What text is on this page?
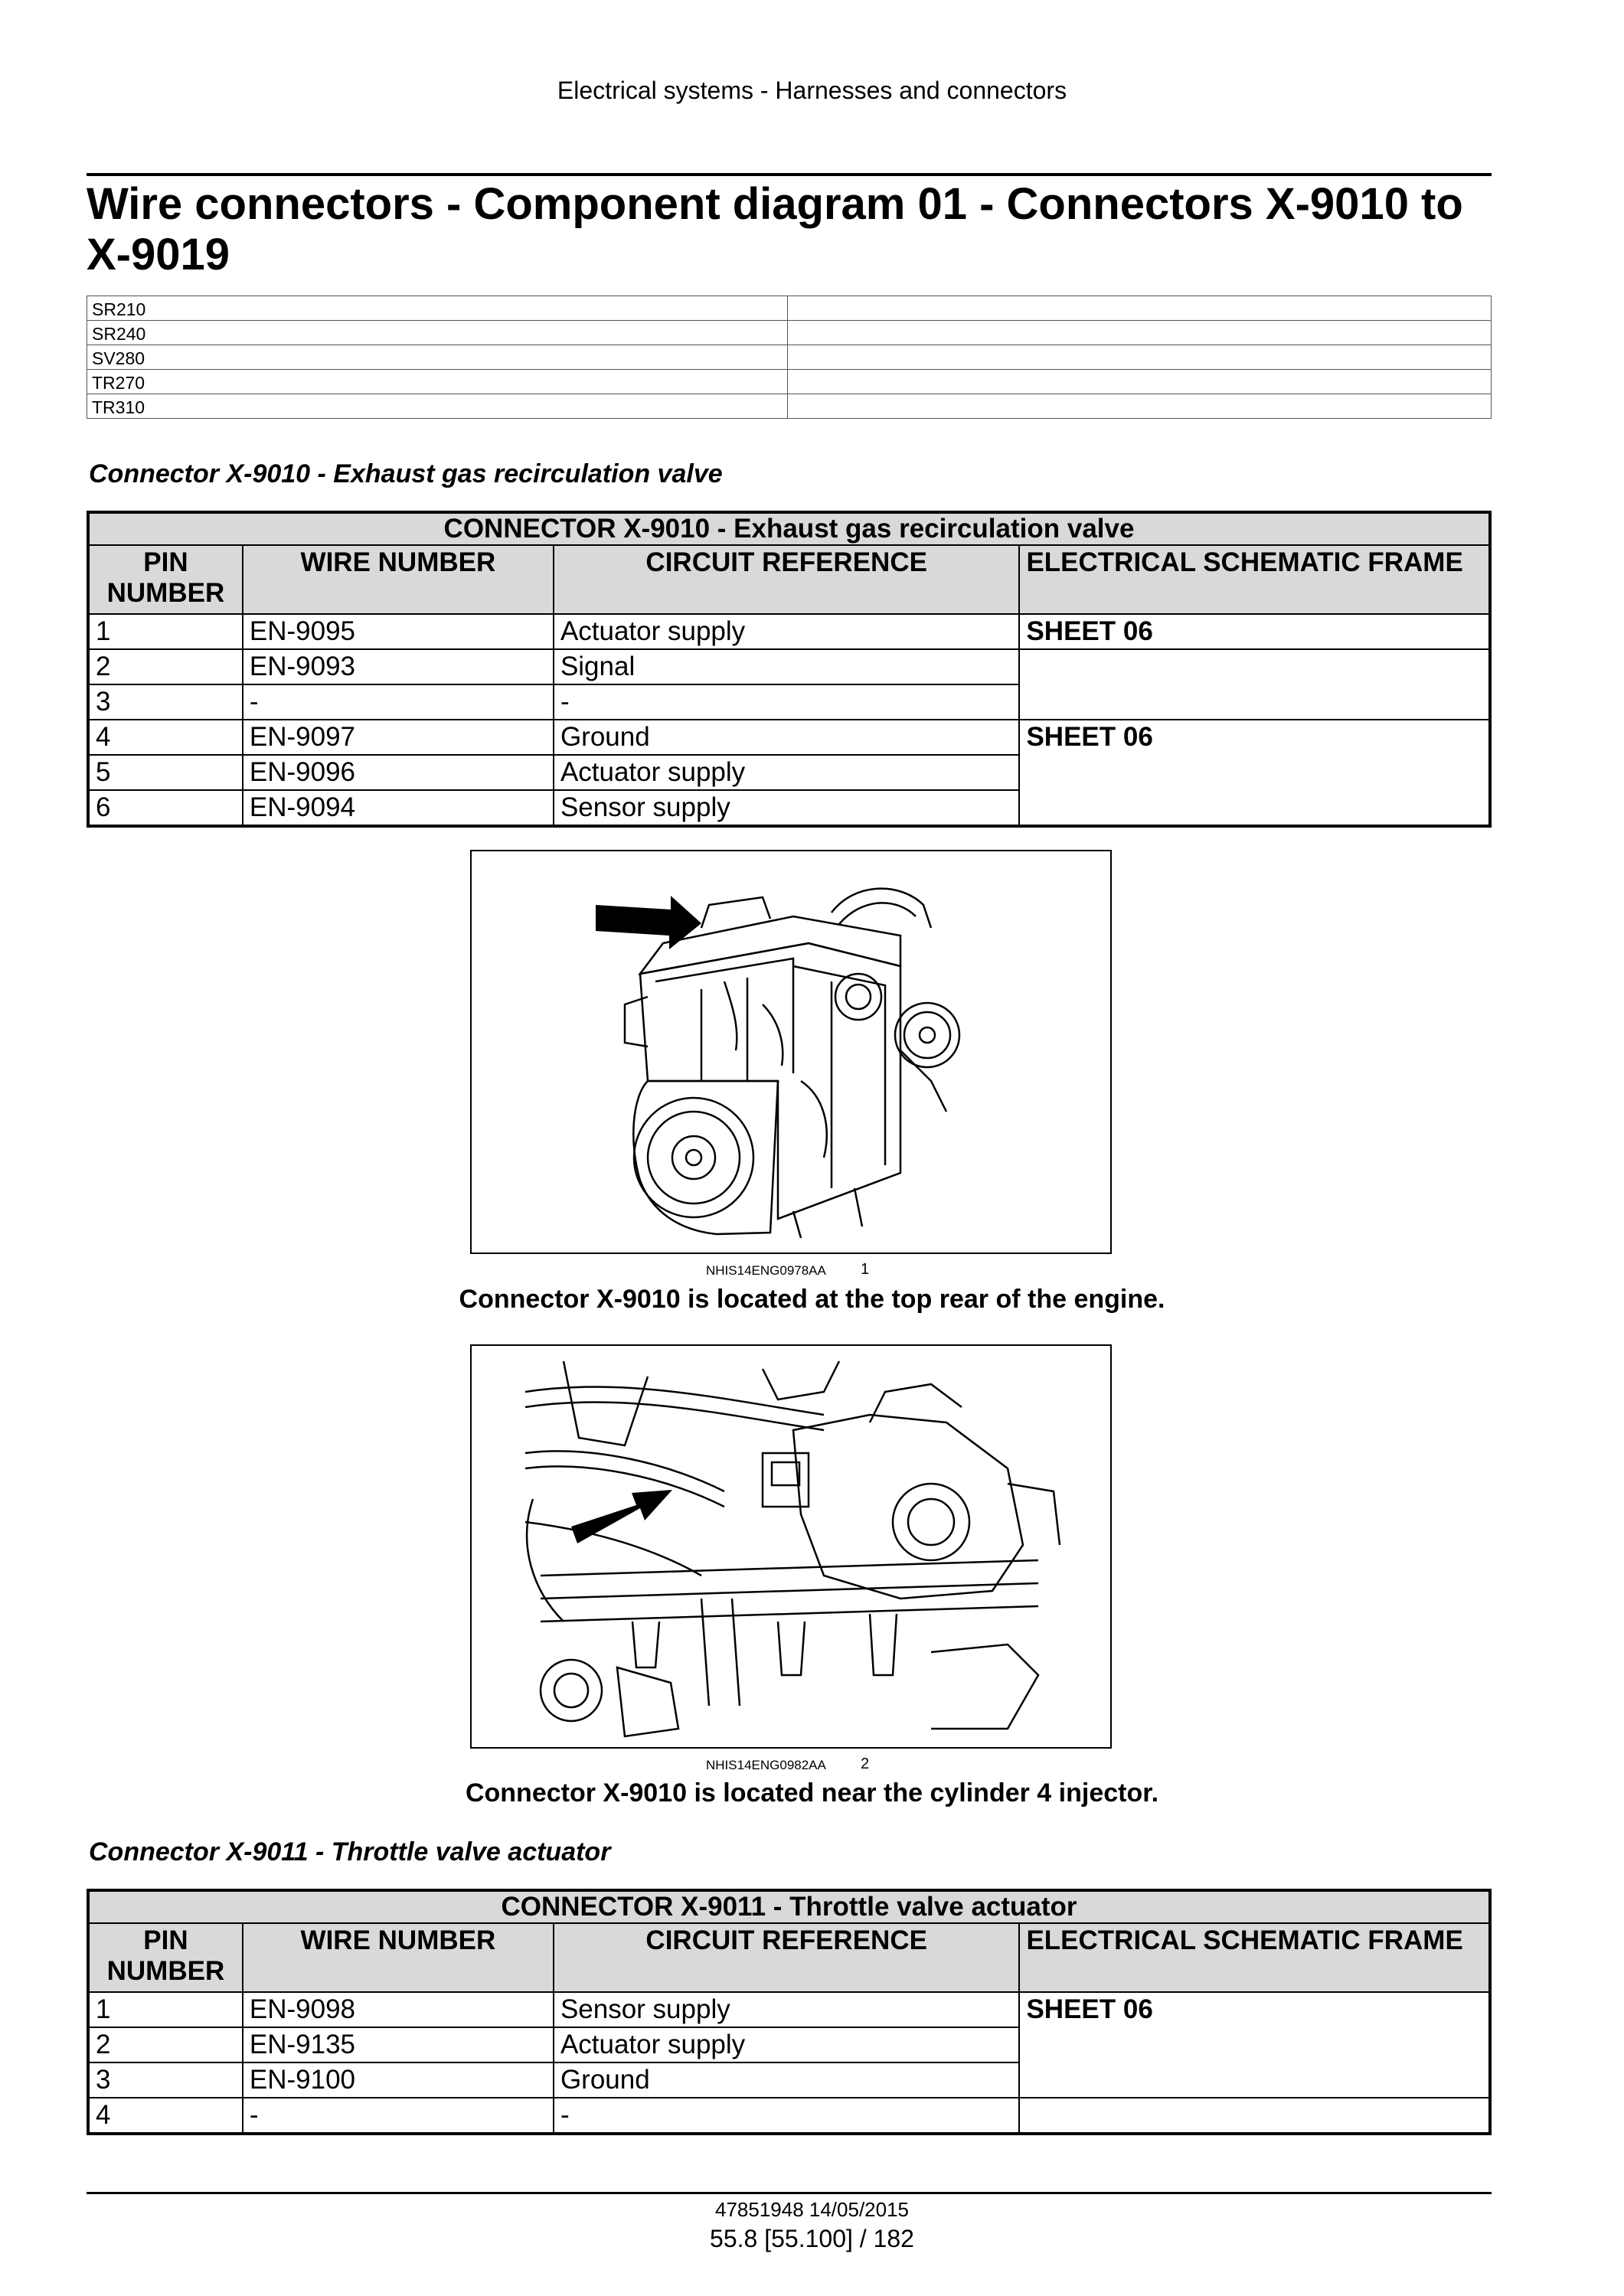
Electrical systems - Harnesses and connectors
Wire connectors - Component diagram 01 - Connectors X-9010 to X-9019
SR210	
SR240	
SV280	
TR270	
TR310	
Connector X-9010 - Exhaust gas recirculation valve
CONNECTOR X-9010 - Exhaust gas recirculation valve			
PIN NUMBER	WIRE NUMBER	CIRCUIT REFERENCE	ELECTRICAL SCHEMATIC FRAME
1	EN-9095	Actuator supply	SHEET 06
2	EN-9093	Signal	
3	-	-	
4	EN-9097	Ground	SHEET 06
5	EN-9096	Actuator supply	
6	EN-9094	Sensor supply	
NHIS14ENG0978AA 1
Connector X-9010 is located at the top rear of the engine.
NHIS14ENG0982AA 2
Connector X-9010 is located near the cylinder 4 injector.
Connector X-9011 - Throttle valve actuator
CONNECTOR X-9011 - Throttle valve actuator			
PIN NUMBER	WIRE NUMBER	CIRCUIT REFERENCE	ELECTRICAL SCHEMATIC FRAME
1	EN-9098	Sensor supply	SHEET 06
2	EN-9135	Actuator supply	
3	EN-9100	Ground	
4	-	-	
47851948 14/05/2015
55.8 [55.100] / 182
